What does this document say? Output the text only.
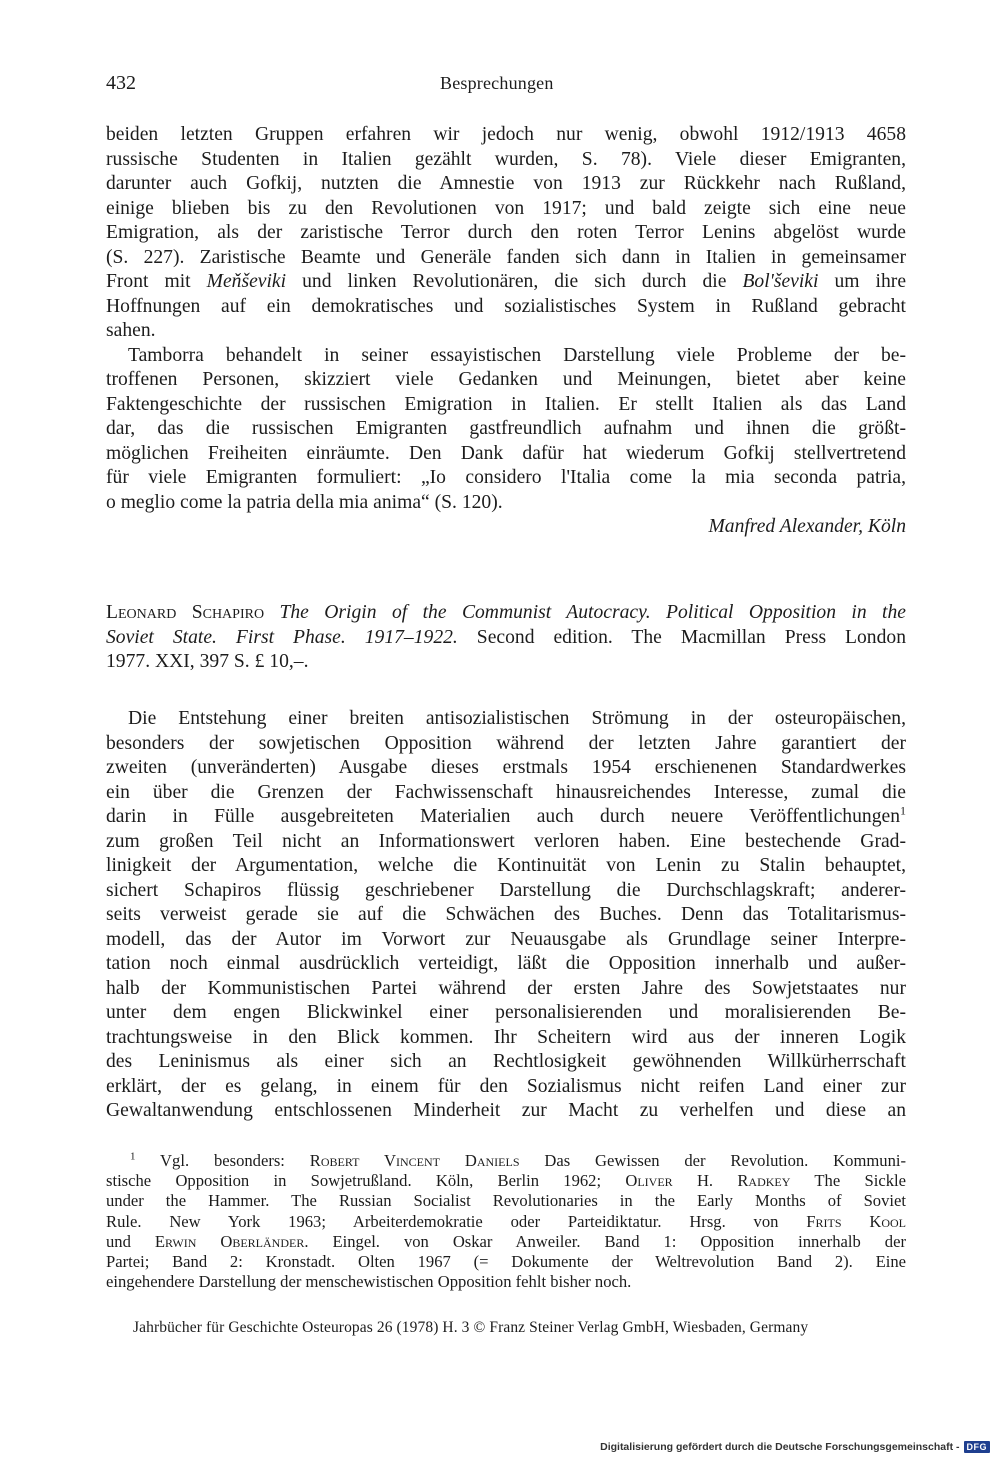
432	Besprechungen
beiden letzten Gruppen erfahren wir jedoch nur wenig, obwohl 1912/1913 4658
russische Studenten in Italien gezählt wurden, S. 78). Viele dieser Emigranten,
darunter auch Gofkij, nutzten die Amnestie von 1913 zur Rückkehr nach Rußland,
einige blieben bis zu den Revolutionen von 1917; und bald zeigte sich eine neue
Emigration, als der zaristische Terror durch den roten Terror Lenins abgelöst wurde
(S. 227). Zaristische Beamte und Generäle fanden sich dann in Italien in gemeinsamer
Front mit Meňševiki und linken Revolutionären, die sich durch die Bol'ševiki um ihre
Hoffnungen auf ein demokratisches und sozialistisches System in Rußland gebracht
sahen.
Tamborra behandelt in seiner essayistischen Darstellung viele Probleme der be-
troffenen Personen, skizziert viele Gedanken und Meinungen, bietet aber keine
Faktengeschichte der russischen Emigration in Italien. Er stellt Italien als das Land
dar, das die russischen Emigranten gastfreundlich aufnahm und ihnen die größt-
möglichen Freiheiten einräumte. Den Dank dafür hat wiederum Gofkij stellvertretend
für viele Emigranten formuliert: „Io considero l'Italia come la mia seconda patria,
o meglio come la patria della mia anima“ (S. 120).
Manfred Alexander, Köln
Leonard Schapiro The Origin of the Communist Autocracy. Political Opposition in the
Soviet State. First Phase. 1917–1922. Second edition. The Macmillan Press London
1977. XXI, 397 S. £ 10,–.
Die Entstehung einer breiten antisozialistischen Strömung in der osteuropäischen,
besonders der sowjetischen Opposition während der letzten Jahre garantiert der
zweiten (unveränderten) Ausgabe dieses erstmals 1954 erschienenen Standardwerkes
ein über die Grenzen der Fachwissenschaft hinausreichendes Interesse, zumal die
darin in Fülle ausgebreiteten Materialien auch durch neuere Veröffentlichungen$^1$
zum großen Teil nicht an Informationswert verloren haben. Eine bestechende Grad-
linigkeit der Argumentation, welche die Kontinuität von Lenin zu Stalin behauptet,
sichert Schapiros flüssig geschriebener Darstellung die Durchschlagskraft; anderer-
seits verweist gerade sie auf die Schwächen des Buches. Denn das Totalitarismus-
modell, das der Autor im Vorwort zur Neuausgabe als Grundlage seiner Interpre-
tation noch einmal ausdrücklich verteidigt, läßt die Opposition innerhalb und außer-
halb der Kommunistischen Partei während der ersten Jahre des Sowjetstaates nur
unter dem engen Blickwinkel einer personalisierenden und moralisierenden Be-
trachtungsweise in den Blick kommen. Ihr Scheitern wird aus der inneren Logik
des Leninismus als einer sich an Rechtlosigkeit gewöhnenden Willkürherrschaft
erklärt, der es gelang, in einem für den Sozialismus nicht reifen Land einer zur
Gewaltanwendung entschlossenen Minderheit zur Macht zu verhelfen und diese an
$^1$ Vgl. besonders: Robert Vincent Daniels Das Gewissen der Revolution. Kommuni-
stische Opposition in Sowjetrußland. Köln, Berlin 1962; Oliver H. Radkey The Sickle
under the Hammer. The Russian Socialist Revolutionaries in the Early Months of Soviet
Rule. New York 1963; Arbeiterdemokratie oder Parteidiktatur. Hrsg. von Frits Kool
und Erwin Oberländer. Eingel. von Oskar Anweiler. Band 1: Opposition innerhalb der
Partei; Band 2: Kronstadt. Olten 1967 (= Dokumente der Weltrevolution Band 2). Eine
eingehendere Darstellung der menschewistischen Opposition fehlt bisher noch.
Jahrbücher für Geschichte Osteuropas 26 (1978) H. 3 © Franz Steiner Verlag GmbH, Wiesbaden, Germany
Digitalisierung gefördert durch die Deutsche Forschungsgemeinschaft - DFG
